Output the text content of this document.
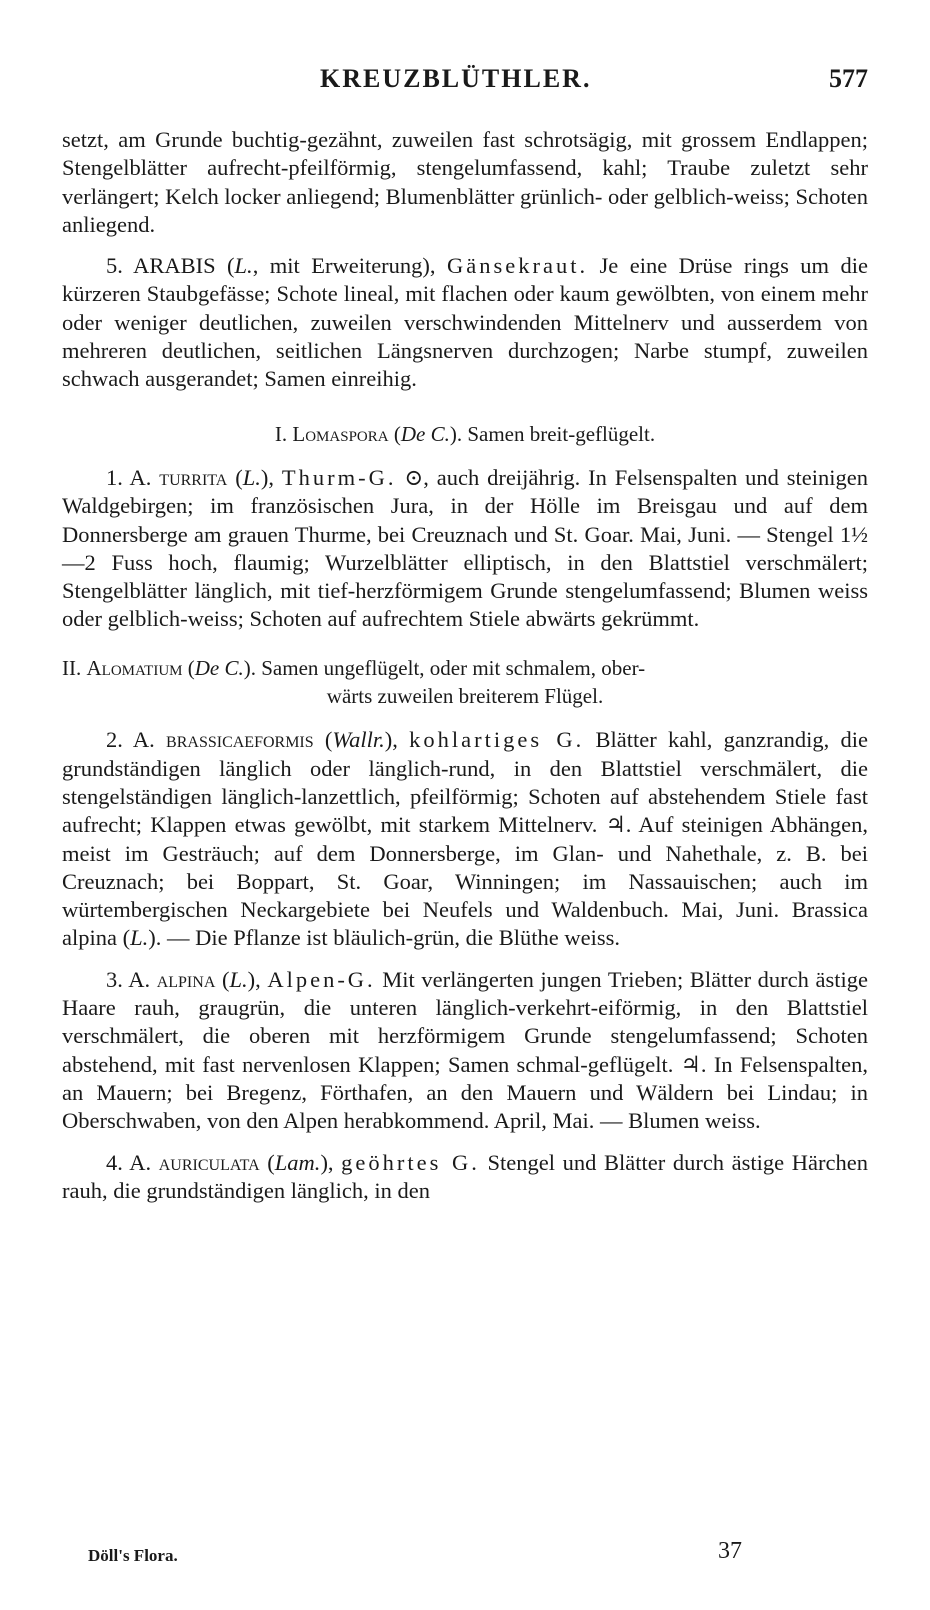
KREUZBLÜTHLER.	577

setzt, am Grunde buchtig-gezähnt, zuweilen fast schrotsägig, mit grossem Endlappen; Stengelblätter aufrecht-pfeilförmig, stengelumfassend, kahl; Traube zuletzt sehr verlängert; Kelch locker anliegend; Blumenblätter grünlich- oder gelblich-weiss; Schoten anliegend.

5. ARABIS (L., mit Erweiterung), Gänsekraut. Je eine Drüse rings um die kürzeren Staubgefässe; Schote lineal, mit flachen oder kaum gewölbten, von einem mehr oder weniger deutlichen, zuweilen verschwindenden Mittelnerv und ausserdem von mehreren deutlichen, seitlichen Längsnerven durchzogen; Narbe stumpf, zuweilen schwach ausgerandet; Samen einreihig.

I. Lomaspora (De C.). Samen breit-geflügelt.

1. A. turrita (L.), Thurm-G. ⊙, auch dreijährig. In Felsenspalten und steinigen Waldgebirgen; im französischen Jura, in der Hölle im Breisgau und auf dem Donnersberge am grauen Thurme, bei Creuznach und St. Goar. Mai, Juni. — Stengel 1½—2 Fuss hoch, flaumig; Wurzelblätter elliptisch, in den Blattstiel verschmälert; Stengelblätter länglich, mit tief-herzförmigem Grunde stengelumfassend; Blumen weiss oder gelblich-weiss; Schoten auf aufrechtem Stiele abwärts gekrümmt.

II. Alomatium (De C.). Samen ungeflügelt, oder mit schmalem, ober-
wärts zuweilen breiterem Flügel.

2. A. brassicaeformis (Wallr.), kohlartiges G. Blätter kahl, ganzrandig, die grundständigen länglich oder länglich-rund, in den Blattstiel verschmälert, die stengelständigen länglich-lanzettlich, pfeilförmig; Schoten auf abstehendem Stiele fast aufrecht; Klappen etwas gewölbt, mit starkem Mittelnerv. ♃. Auf steinigen Abhängen, meist im Gesträuch; auf dem Donnersberge, im Glan- und Nahethale, z. B. bei Creuznach; bei Boppart, St. Goar, Winningen; im Nassauischen; auch im würtembergischen Neckargebiete bei Neufels und Waldenbuch. Mai, Juni. Brassica alpina (L.). — Die Pflanze ist bläulich-grün, die Blüthe weiss.

3. A. alpina (L.), Alpen-G. Mit verlängerten jungen Trieben; Blätter durch ästige Haare rauh, graugrün, die unteren länglich-verkehrt-eiförmig, in den Blattstiel verschmälert, die oberen mit herzförmigem Grunde stengelumfassend; Schoten abstehend, mit fast nervenlosen Klappen; Samen schmal-geflügelt. ♃. In Felsenspalten, an Mauern; bei Bregenz, Förthafen, an den Mauern und Wäldern bei Lindau; in Oberschwaben, von den Alpen herabkommend. April, Mai. — Blumen weiss.

4. A. auriculata (Lam.), geöhrtes G. Stengel und Blätter durch ästige Härchen rauh, die grundständigen länglich, in den

Döll's Flora.	37
